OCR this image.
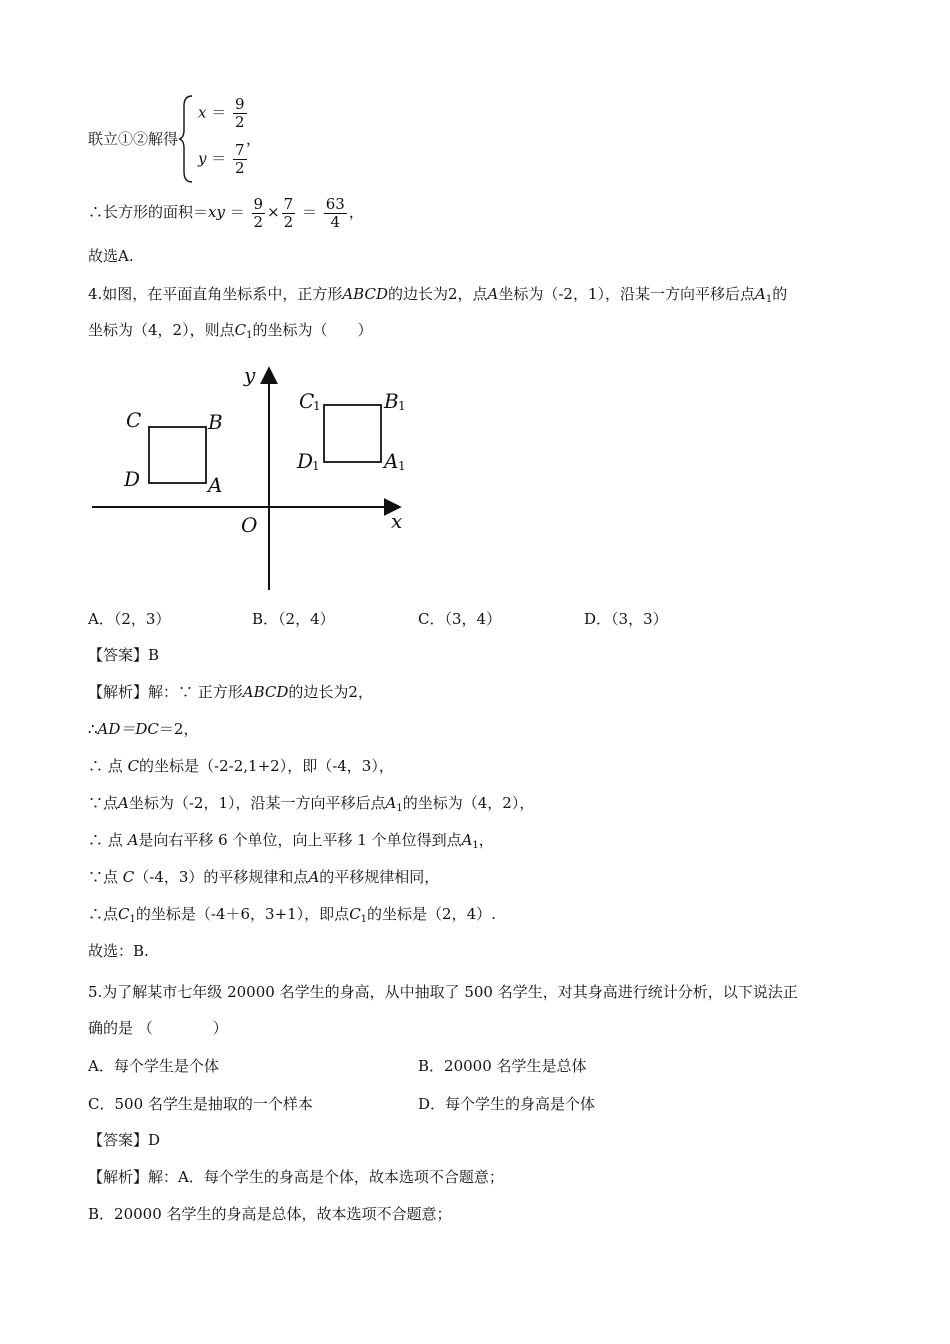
联立①②解得
$x = \frac{9}{2}$
，
$y = \frac{7}{2}$
∴长方形的面积$=xy = \frac{9}{2} \times \frac{7}{2} = \frac{63}{4}$ ，
故选A.
4.如图，在平面直角坐标系中，正方形ABCD的边长为2，点A坐标为（-2，1），沿某一方向平移后点$A_1$的
坐标为（4，2），则点$C_1$的坐标为（　　）
y
x
O
C	B
D	A
C
1	B 1
D
1	A 1
A．（2，3）	B．（2，4）	C．（3，4）	D．（3，3）
【答案】B
【解析】解：∵ 正方形ABCD的边长为2，
∴AD＝DC＝2，
∴ 点 C的坐标是（-2-2,1+2），即（-4，3），
∵点A坐标为（-2，1），沿某一方向平移后点$A_1$的坐标为（4，2），
∴ 点 A是向右平移 6 个单位，向上平移 1 个单位得到点$A_1$，
∵点 C（-4，3）的平移规律和点A的平移规律相同，
∴点$C_1$的坐标是（-4＋6，3+1），即点$C_1$的坐标是（2，4）.
故选：B.
5.为了解某市七年级 20000 名学生的身高，从中抽取了 500 名学生，对其身高进行统计分析，以下说法正
确的是 （　　　　）
A．每个学生是个体	B．20000 名学生是总体
C．500 名学生是抽取的一个样本	D．每个学生的身高是个体
【答案】D
【解析】解：A．每个学生的身高是个体，故本选项不合题意；
B．20000 名学生的身高是总体，故本选项不合题意；
